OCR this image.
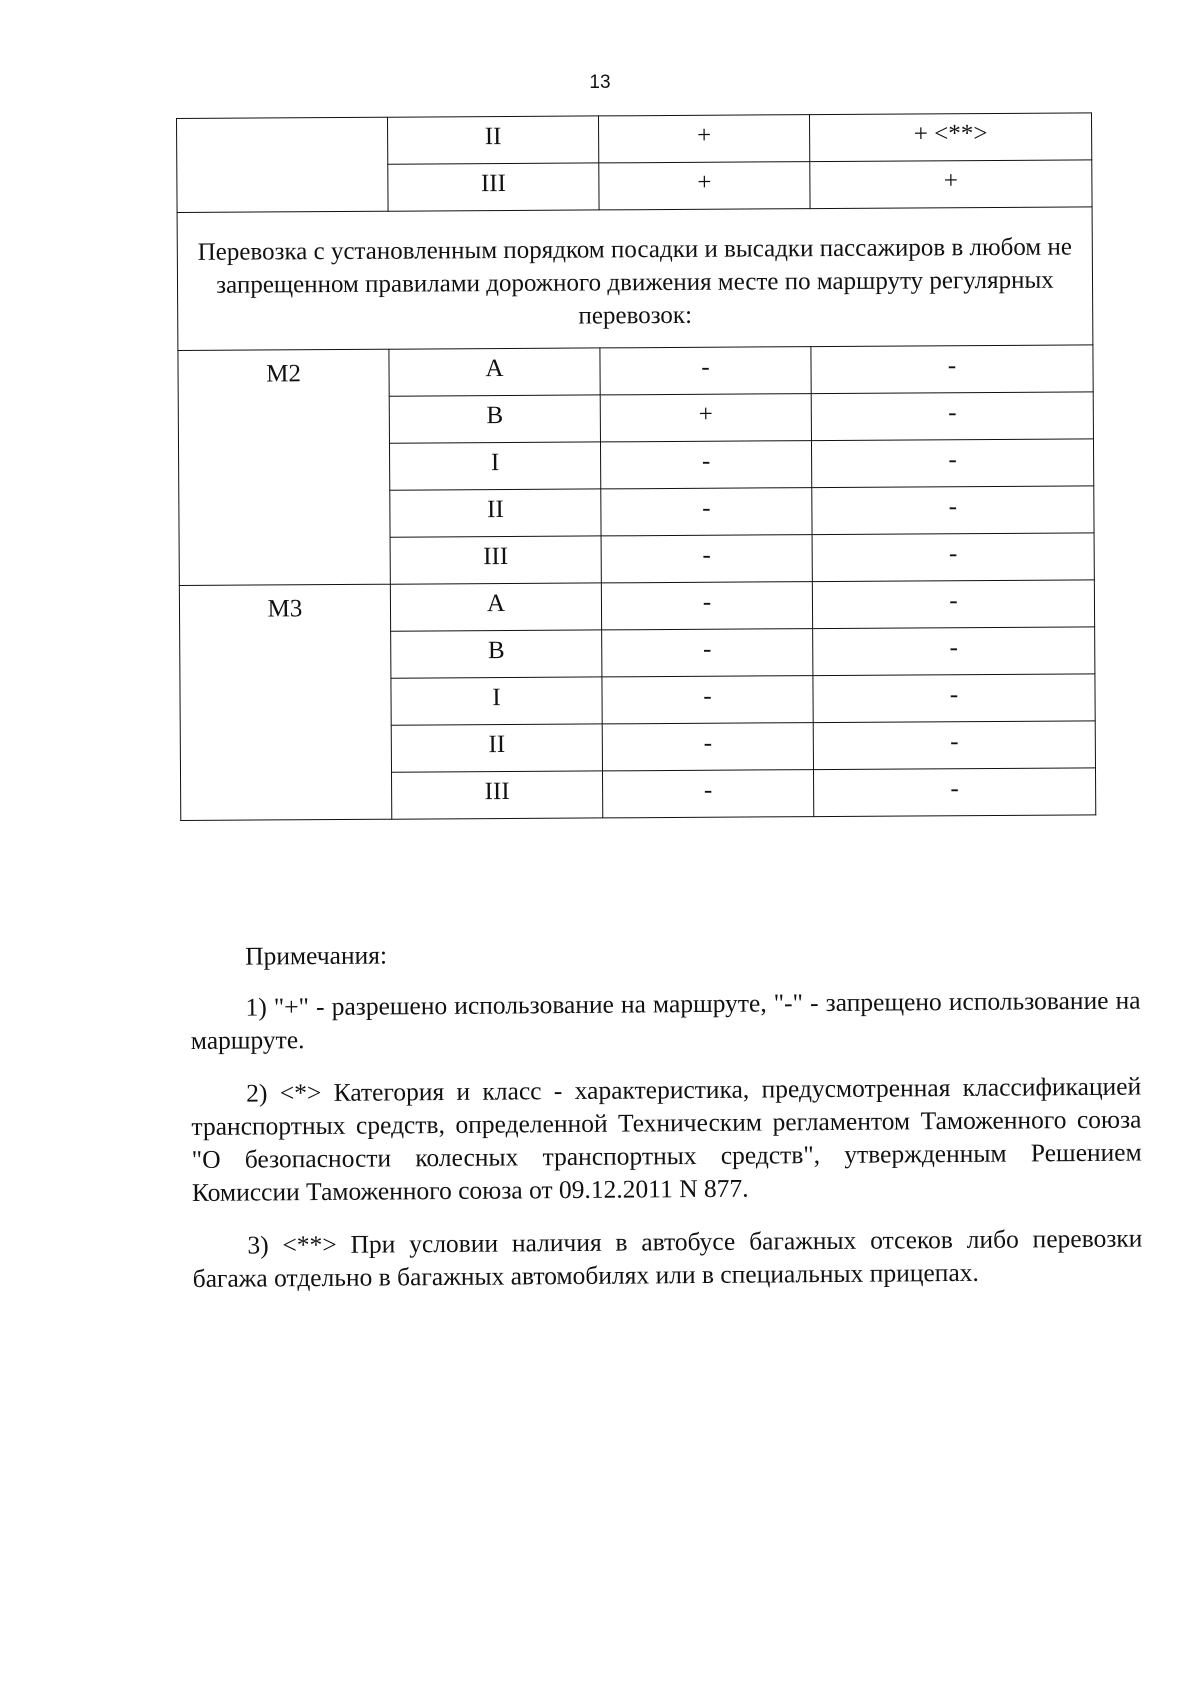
13
	II	+	+ <**>
	III	+	+
Перевозка с установленным порядком посадки и высадки пассажиров в любом не запрещенном правилами дорожного движения месте по маршруту регулярных перевозок:			
M2	A	-	-
	B	+	-
	I	-	-
	II	-	-
	III	-	-
M3	A	-	-
	B	-	-
	I	-	-
	II	-	-
	III	-	-

Примечания:

1) "+" - разрешено использование на маршруте, "-" - запрещено использование на маршруте.

2) <*> Категория и класс - характеристика, предусмотренная классификацией транспортных средств, определенной Техническим регламентом Таможенного союза "О безопасности колесных транспортных средств", утвержденным Решением Комиссии Таможенного союза от 09.12.2011 N 877.

3) <**> При условии наличия в автобусе багажных отсеков либо перевозки багажа отдельно в багажных автомобилях или в специальных прицепах.
